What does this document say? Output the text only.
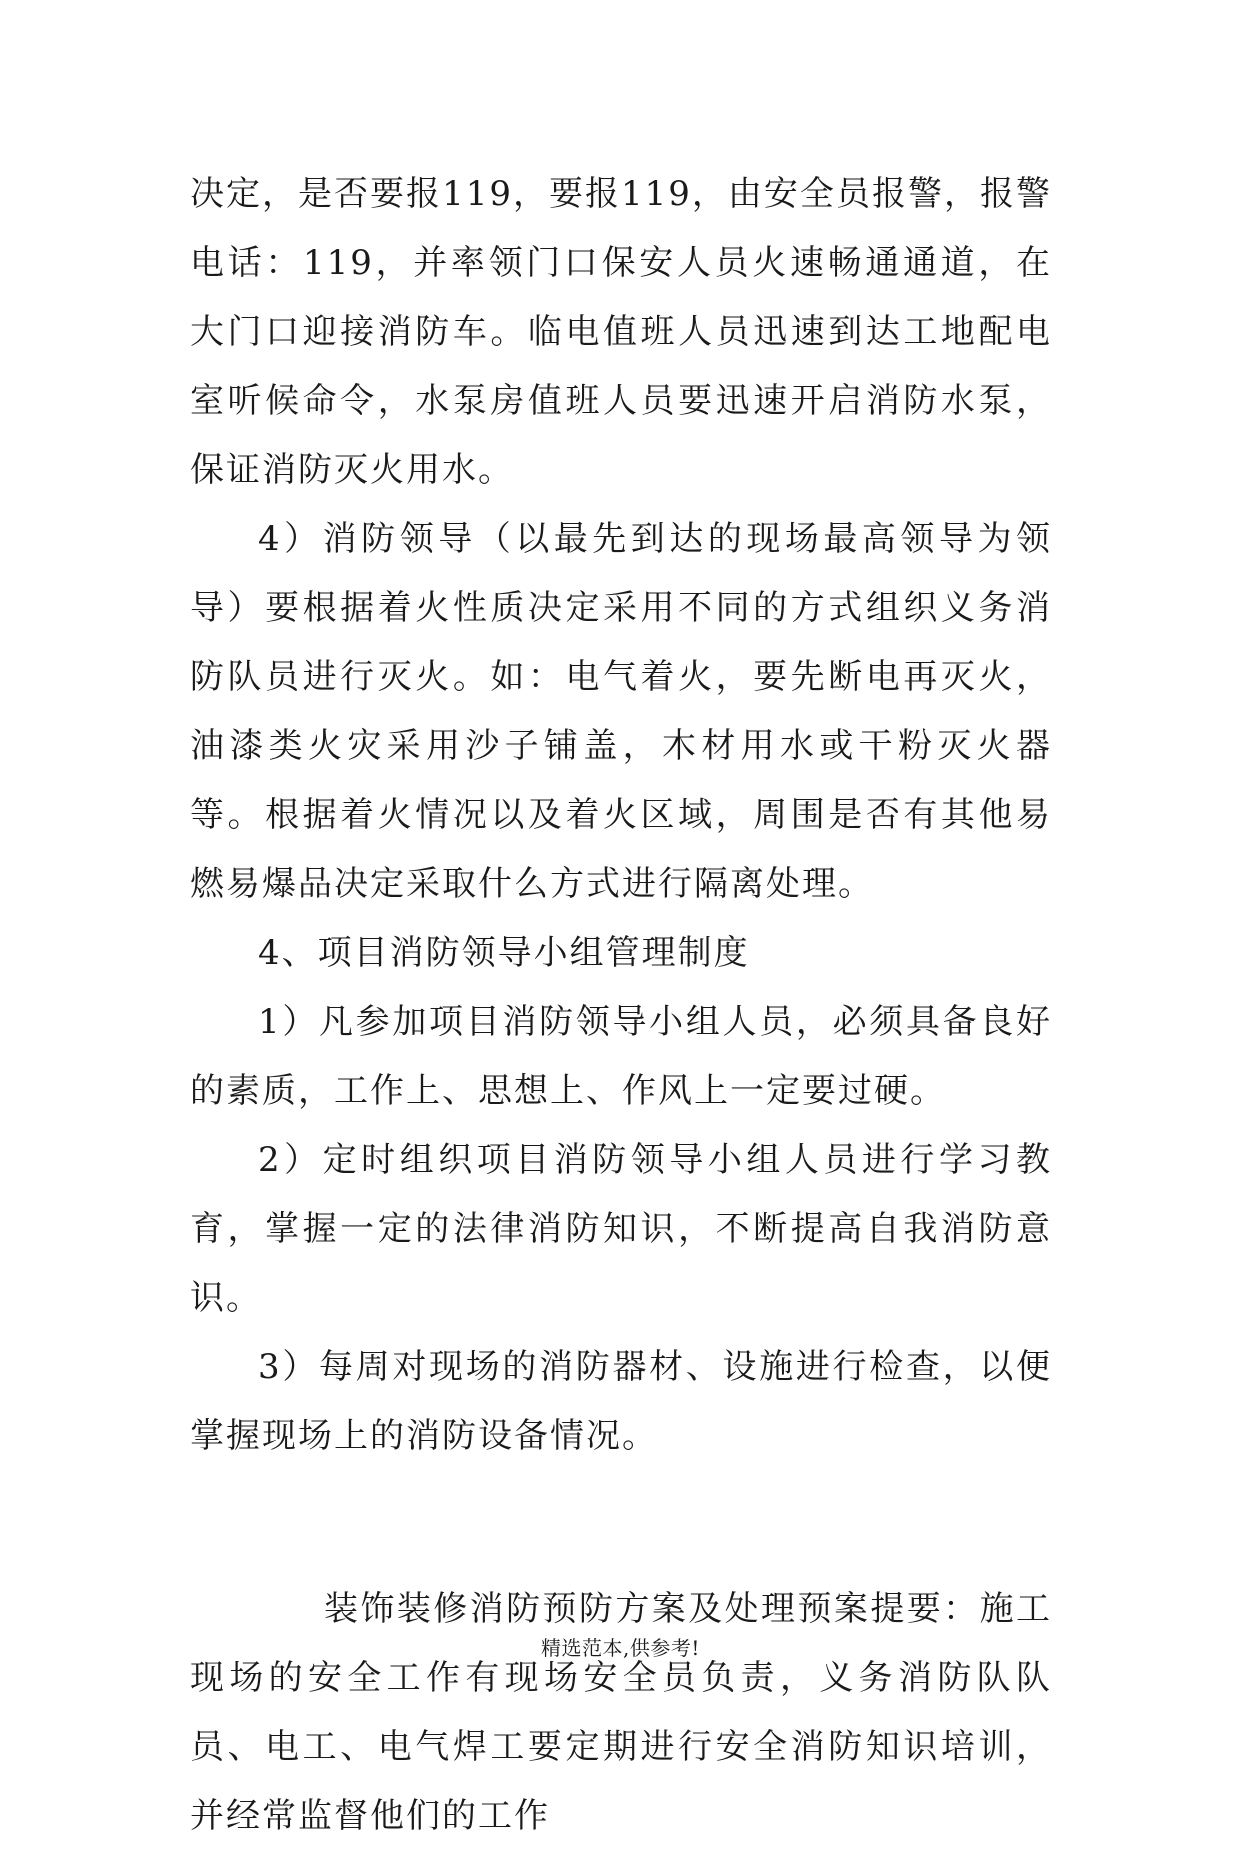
决定，是否要报119，要报119，由安全员报警，报警电话：119，并率领门口保安人员火速畅通通道，在大门口迎接消防车。临电值班人员迅速到达工地配电室听候命令，水泵房值班人员要迅速开启消防水泵，保证消防灭火用水。

4）消防领导（以最先到达的现场最高领导为领导）要根据着火性质决定采用不同的方式组织义务消防队员进行灭火。如：电气着火，要先断电再灭火，油漆类火灾采用沙子铺盖，木材用水或干粉灭火器等。根据着火情况以及着火区域，周围是否有其他易燃易爆品决定采取什么方式进行隔离处理。

4、项目消防领导小组管理制度

1）凡参加项目消防领导小组人员，必须具备良好的素质，工作上、思想上、作风上一定要过硬。

2）定时组织项目消防领导小组人员进行学习教育，掌握一定的法律消防知识，不断提高自我消防意识。

3）每周对现场的消防器材、设施进行检查，以便掌握现场上的消防设备情况。

装饰装修消防预防方案及处理预案提要：施工现场的安全工作有现场安全员负责，义务消防队队员、电工、电气焊工要定期进行安全消防知识培训，并经常监督他们的工作

精选范本,供参考!
